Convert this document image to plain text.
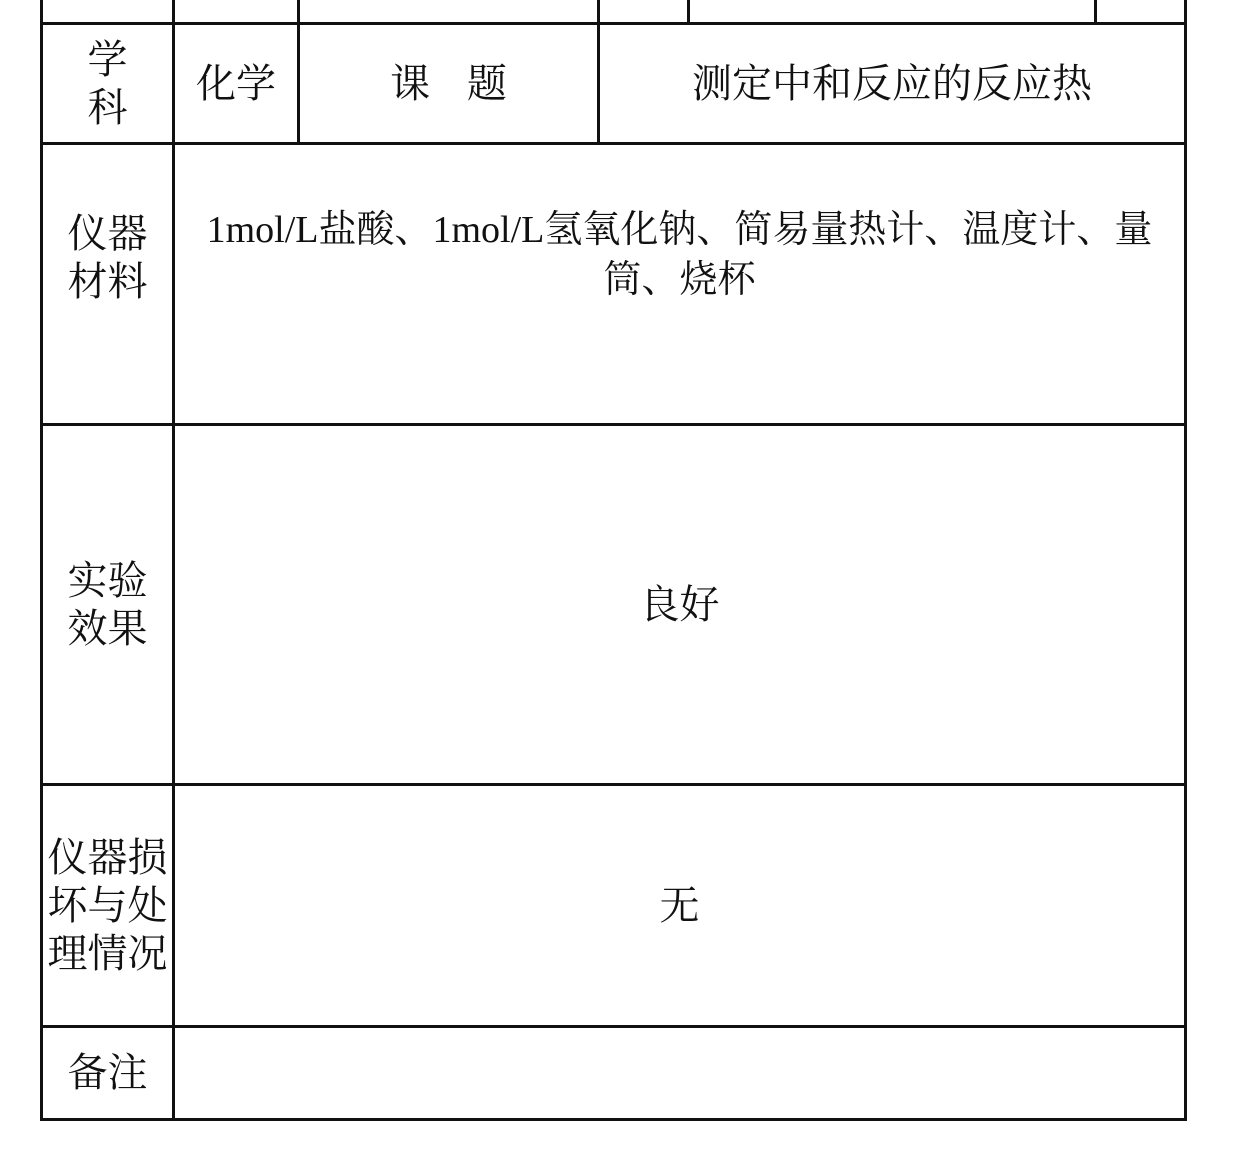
学 科
化学	课 题	测定中和反应的反应热
仪器材料
1mol/L盐酸、1mol/L氢氧化钠、简易量热计、温度计、量筒、烧杯
实验效果
良好
仪器损坏与处理情况
无
备注
